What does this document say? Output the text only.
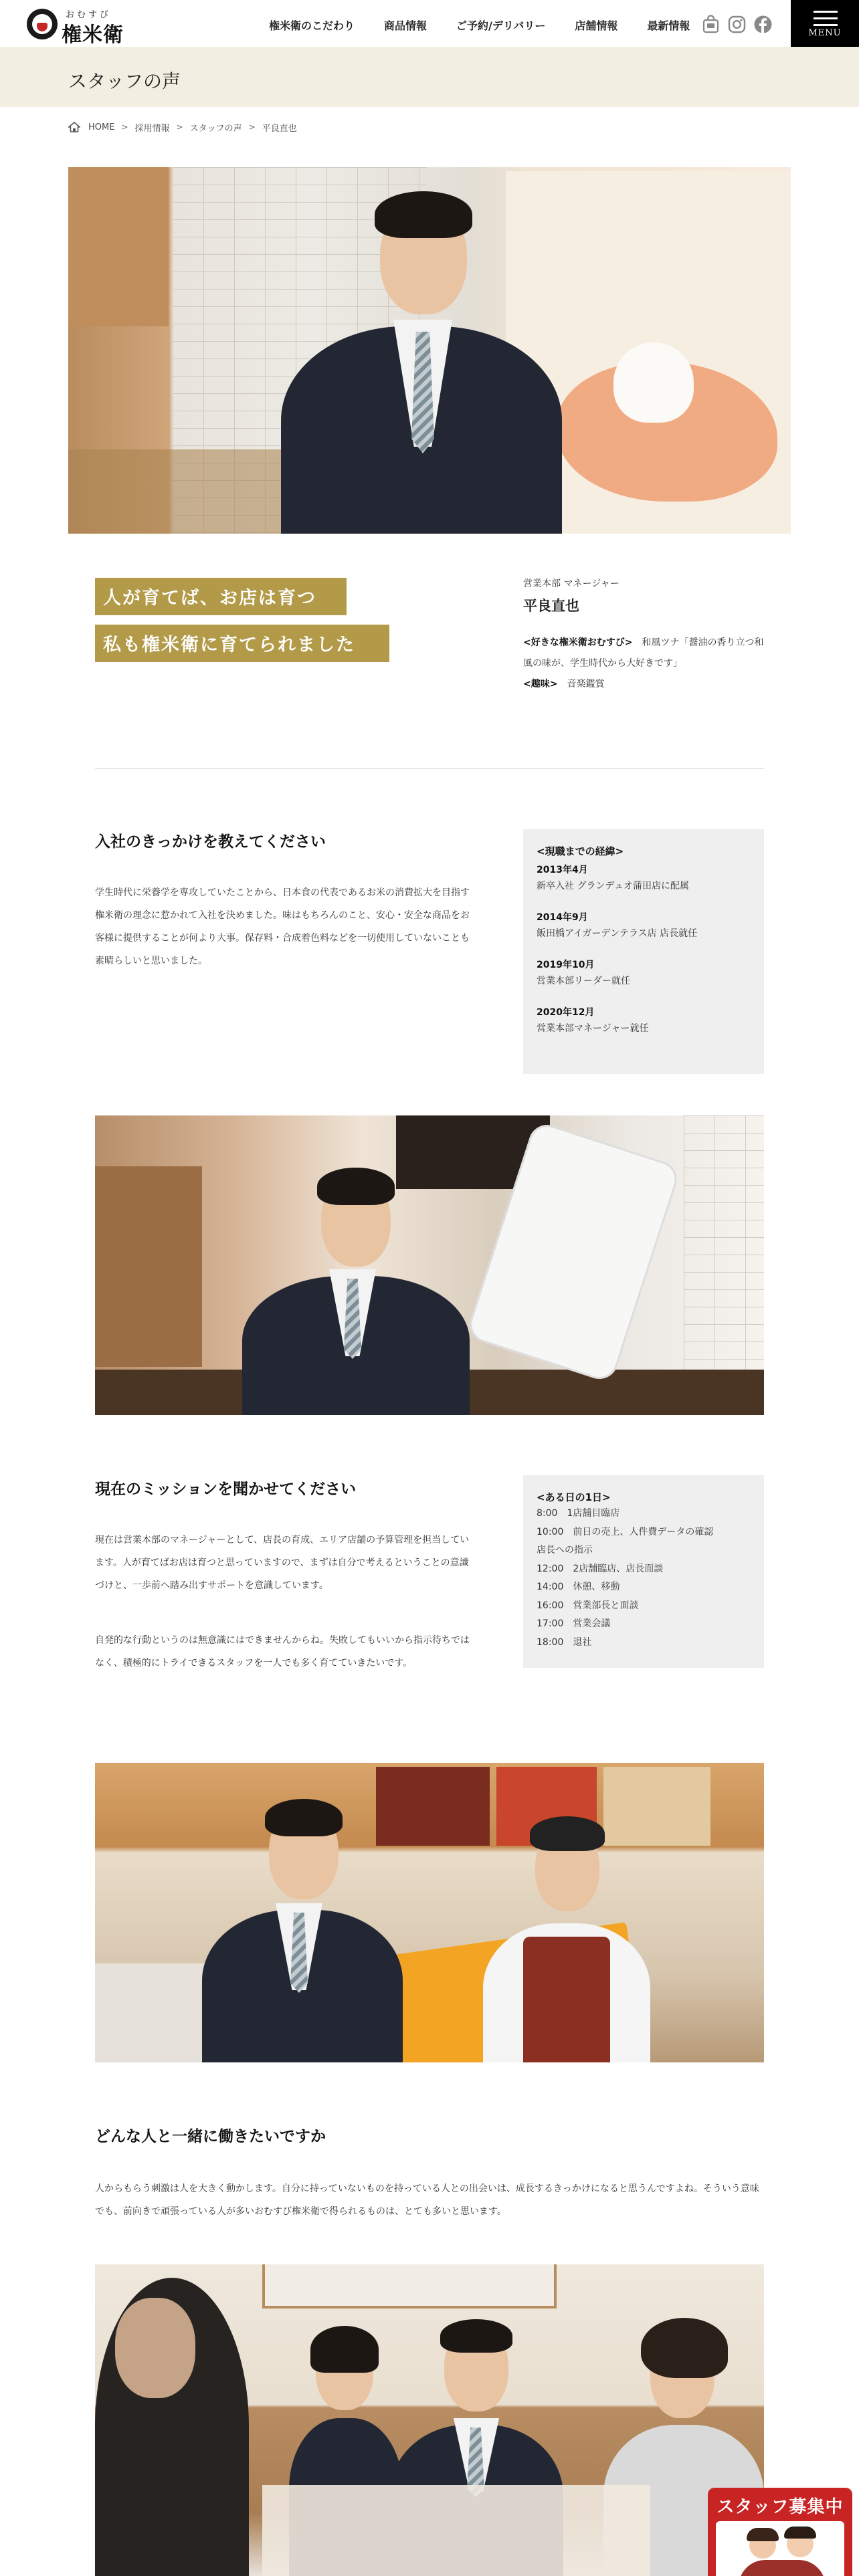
おむすび
権米衛	権米衛のこだわり	商品情報	ご予約/デリバリー	店舗情報	最新情報
MENU
スタッフの声
HOME > 採用情報 > スタッフの声 > 平良直也
人が育てば、お店は育つ
私も権米衛に育てられました
営業本部 マネージャー
平良直也
<好きな権米衛おむすび>　 和風ツナ「醤油の香り立つ和風の味が、学生時代から大好きです」
<趣味>　 音楽鑑賞
入社のきっかけを教えてください

学生時代に栄養学を専攻していたことから、日本食の代表であるお米の消費拡大を目指す権米衛の理念に惹かれて入社を決めました。味はもちろんのこと、安心・安全な商品をお客様に提供することが何より大事。保存料・合成着色料などを一切使用していないことも素晴らしいと思いました。

<現職までの経緯>
2013年4月
新卒入社 グランデュオ蒲田店に配属
2014年9月
飯田橋アイガーデンテラス店 店長就任
2019年10月
営業本部リーダー就任
2020年12月
営業本部マネージャー就任
現在のミッションを聞かせてください

現在は営業本部のマネージャーとして、店長の育成、エリア店舗の予算管理を担当しています。人が育てばお店は育つと思っていますので、まずは自分で考えるということの意識づけと、一歩前へ踏み出すサポートを意識しています。

自発的な行動というのは無意識にはできませんからね。失敗してもいいから指示待ちではなく、積極的にトライできるスタッフを一人でも多く育てていきたいです。

<ある日の1日>
8:00　1店舗目臨店
10:00　前日の売上、人件費データの確認
店長への指示
12:00　2店舗臨店、店長面談
14:00　休憩、移動
16:00　営業部長と面談
17:00　営業会議
18:00　退社
どんな人と一緒に働きたいですか

人からもらう刺激は人を大きく動かします。自分に持っていないものを持っている人との出会いは、成長するきっかけになると思うんですよね。そういう意味でも、前向きで頑張っている人が多いおむすび権米衛で得られるものは、とても多いと思います。

スタッフ募集中
